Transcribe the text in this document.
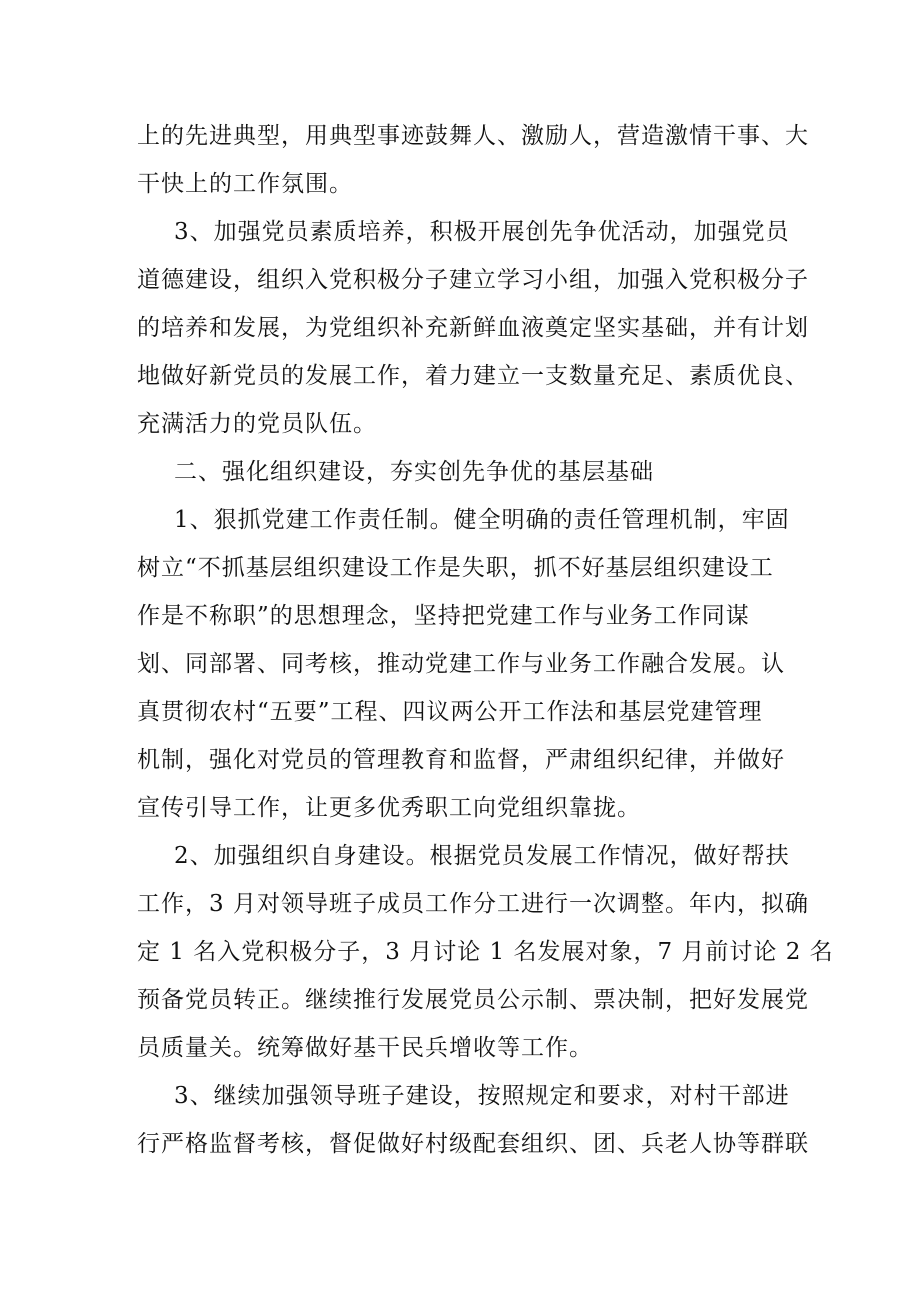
上的先进典型，用典型事迹鼓舞人、激励人，营造激情干事、大
干快上的工作氛围。
3、加强党员素质培养，积极开展创先争优活动，加强党员
道德建设，组织入党积极分子建立学习小组，加强入党积极分子
的培养和发展，为党组织补充新鲜血液奠定坚实基础，并有计划
地做好新党员的发展工作，着力建立一支数量充足、素质优良、
充满活力的党员队伍。
二、强化组织建设，夯实创先争优的基层基础
1、狠抓党建工作责任制。健全明确的责任管理机制，牢固
树立“不抓基层组织建设工作是失职，抓不好基层组织建设工
作是不称职”的思想理念，坚持把党建工作与业务工作同谋
划、同部署、同考核，推动党建工作与业务工作融合发展。认
真贯彻农村“五要”工程、四议两公开工作法和基层党建管理
机制，强化对党员的管理教育和监督，严肃组织纪律，并做好
宣传引导工作，让更多优秀职工向党组织靠拢。
2、加强组织自身建设。根据党员发展工作情况，做好帮扶
工作，3 月对领导班子成员工作分工进行一次调整。年内，拟确
定 1 名入党积极分子，3 月讨论 1 名发展对象，7 月前讨论 2 名
预备党员转正。继续推行发展党员公示制、票决制，把好发展党
员质量关。统筹做好基干民兵增收等工作。
3、继续加强领导班子建设，按照规定和要求，对村干部进
行严格监督考核，督促做好村级配套组织、团、兵老人协等群联
